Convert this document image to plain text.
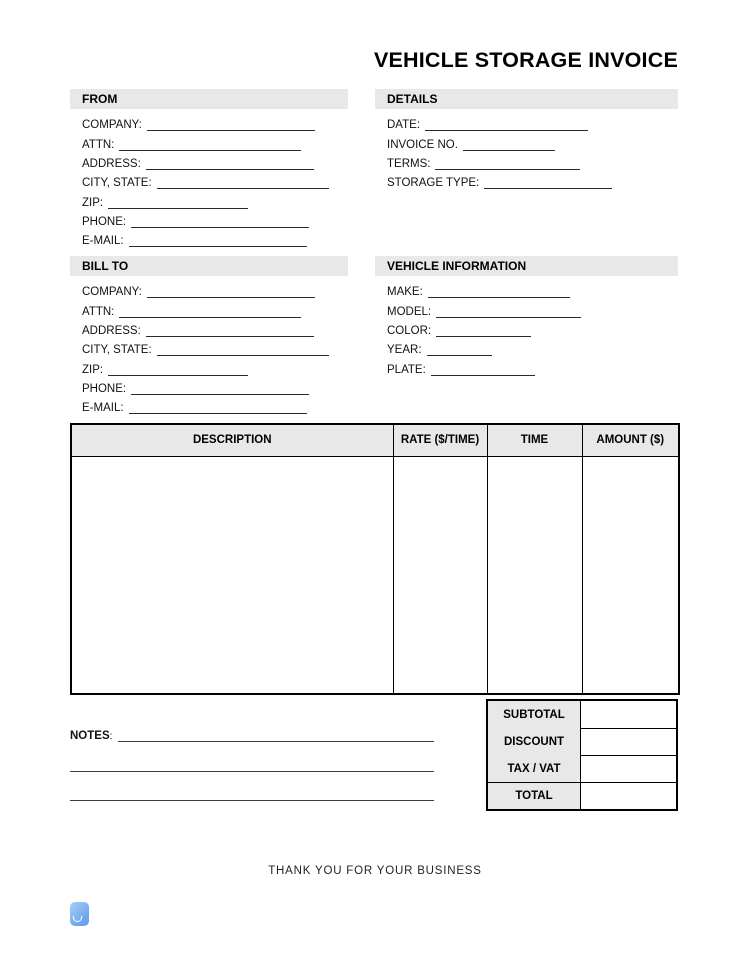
VEHICLE STORAGE INVOICE
FROM
COMPANY:
ATTN:
ADDRESS:
CITY, STATE:
ZIP:
PHONE:
E-MAIL:
DETAILS
DATE:
INVOICE NO.
TERMS:
STORAGE TYPE:
BILL TO
COMPANY:
ATTN:
ADDRESS:
CITY, STATE:
ZIP:
PHONE:
E-MAIL:
VEHICLE INFORMATION
MAKE:
MODEL:
COLOR:
YEAR:
PLATE:
DESCRIPTION	RATE ($/TIME)	TIME	AMOUNT ($)

SUBTOTAL
DISCOUNT
TAX / VAT
TOTAL
NOTES:
THANK YOU FOR YOUR BUSINESS
